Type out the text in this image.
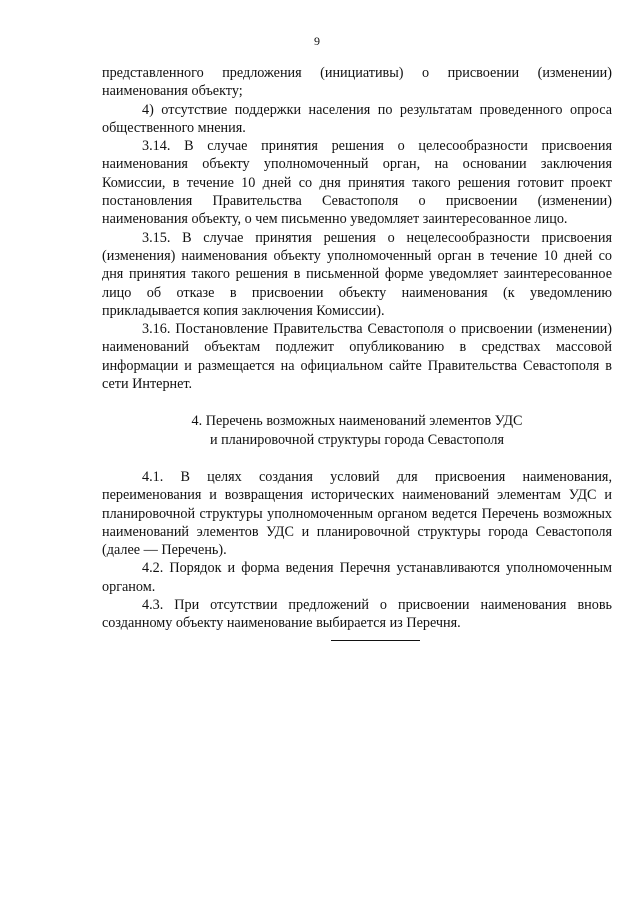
9

представленного предложения (инициативы) о присвоении (изменении) наименования объекту;

4) отсутствие поддержки населения по результатам проведенного опроса общественного мнения.

3.14. В случае принятия решения о целесообразности присвоения наименования объекту уполномоченный орган, на основании заключения Комиссии, в течение 10 дней со дня принятия такого решения готовит проект постановления Правительства Севастополя о присвоении (изменении) наименования объекту, о чем письменно уведомляет заинтересованное лицо.

3.15. В случае принятия решения о нецелесообразности присвоения (изменения) наименования объекту уполномоченный орган в течение 10 дней со дня принятия такого решения в письменной форме уведомляет заинтересованное лицо об отказе в присвоении объекту наименования (к уведомлению прикладывается копия заключения Комиссии).

3.16. Постановление Правительства Севастополя о присвоении (изменении) наименований объектам подлежит опубликованию в средствах массовой информации и размещается на официальном сайте Правительства Севастополя в сети Интернет.

4. Перечень возможных наименований элементов УДС
и планировочной структуры города Севастополя

4.1. В целях создания условий для присвоения наименования, переименования и возвращения исторических наименований элементам УДС и планировочной структуры уполномоченным органом ведется Перечень возможных наименований элементов УДС и планировочной структуры города Севастополя (далее — Перечень).

4.2. Порядок и форма ведения Перечня устанавливаются уполномоченным органом.

4.3. При отсутствии предложений о присвоении наименования вновь созданному объекту наименование выбирается из Перечня.
